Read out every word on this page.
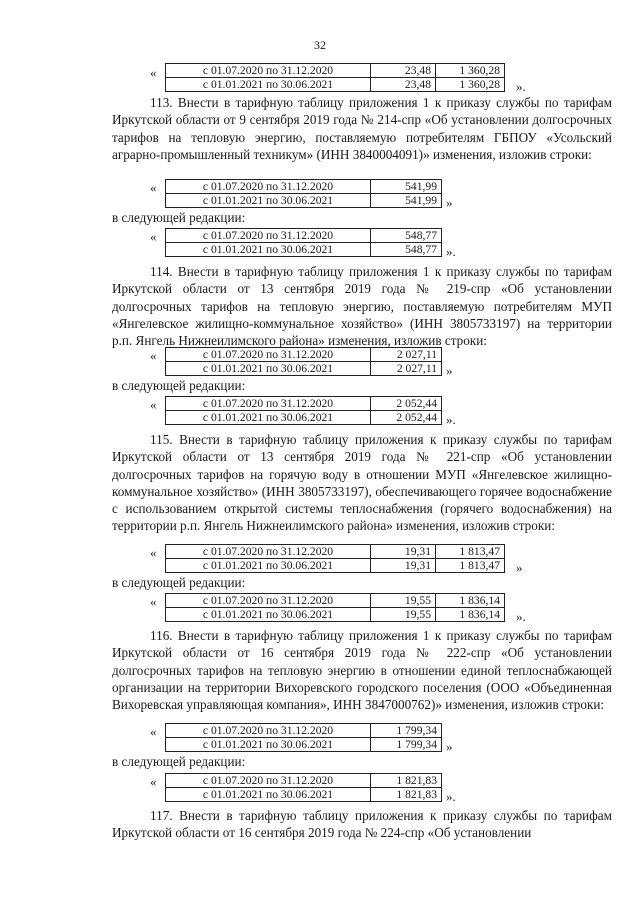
32
«	с 01.07.2020 по 31.12.2020	23,48	1 360,28
с 01.01.2021 по 30.06.2021	23,48	1 360,28 ».
113. Внести в тарифную таблицу приложения 1 к приказу службы по тарифам Иркутской области от 9 сентября 2019 года № 214-спр «Об установлении долгосрочных тарифов на тепловую энергию, поставляемую потребителям ГБПОУ «Усольский аграрно-промышленный техникум» (ИНН 3840004091)» изменения, изложив строки:
«	с 01.07.2020 по 31.12.2020	541,99
с 01.01.2021 по 30.06.2021	541,99 »
в следующей редакции:
«	с 01.07.2020 по 31.12.2020	548,77
с 01.01.2021 по 30.06.2021	548,77 ».
114. Внести в тарифную таблицу приложения 1 к приказу службы по тарифам Иркутской области от 13 сентября 2019 года № 219-спр «Об установлении долгосрочных тарифов на тепловую энергию, поставляемую потребителям МУП «Янгелевское жилищно-коммунальное хозяйство» (ИНН 3805733197) на территории р.п. Янгель Нижнеилимского района» изменения, изложив строки:
«	с 01.07.2020 по 31.12.2020	2 027,11
с 01.01.2021 по 30.06.2021	2 027,11 »
в следующей редакции:
«	с 01.07.2020 по 31.12.2020	2 052,44
с 01.01.2021 по 30.06.2021	2 052,44 ».
115. Внести в тарифную таблицу приложения к приказу службы по тарифам Иркутской области от 13 сентября 2019 года № 221-спр «Об установлении долгосрочных тарифов на горячую воду в отношении МУП «Янгелевское жилищно-коммунальное хозяйство» (ИНН 3805733197), обеспечивающего горячее водоснабжение с использованием открытой системы теплоснабжения (горячего водоснабжения) на территории р.п. Янгель Нижнеилимского района» изменения, изложив строки:
«	с 01.07.2020 по 31.12.2020	19,31	1 813,47
с 01.01.2021 по 30.06.2021	19,31	1 813,47 »
в следующей редакции:
«	с 01.07.2020 по 31.12.2020	19,55	1 836,14
с 01.01.2021 по 30.06.2021	19,55	1 836,14 ».
116. Внести в тарифную таблицу приложения 1 к приказу службы по тарифам Иркутской области от 16 сентября 2019 года № 222-спр «Об установлении долгосрочных тарифов на тепловую энергию в отношении единой теплоснабжающей организации на территории Вихоревского городского поселения (ООО «Объединенная Вихоревская управляющая компания», ИНН 3847000762)» изменения, изложив строки:
«	с 01.07.2020 по 31.12.2020	1 799,34
с 01.01.2021 по 30.06.2021	1 799,34 »
в следующей редакции:
«	с 01.07.2020 по 31.12.2020	1 821,83
с 01.01.2021 по 30.06.2021	1 821,83 ».
117. Внести в тарифную таблицу приложения к приказу службы по тарифам Иркутской области от 16 сентября 2019 года № 224-спр «Об установлении
